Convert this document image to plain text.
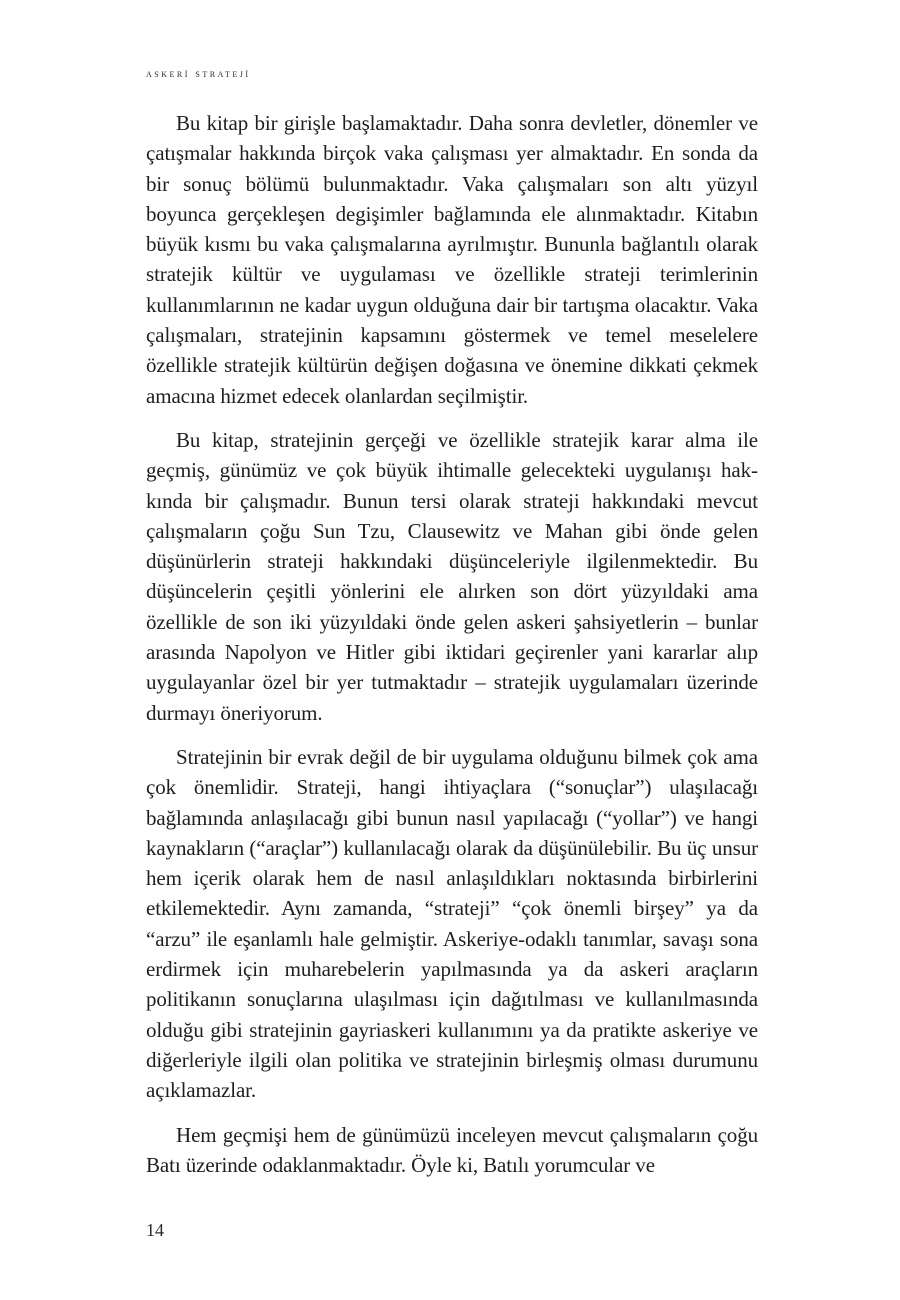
askeri̇ strateji̇

Bu kitap bir girişle başlamaktadır. Daha sonra devletler, dönemler ve çatışmalar hakkında birçok vaka çalışması yer almaktadır. En sonda da bir sonuç bölümü bulunmaktadır. Vaka çalışmaları son altı yüzyıl boyunca gerçekleşen degişimler bağlamında ele alınmaktadır. Kitabın büyük kısmı bu vaka çalışmalarına ayrılmıştır. Bununla bağlantılı olarak stratejik kültür ve uygulaması ve özellikle strateji terimlerinin kullanımlarının ne kadar uygun olduğuna dair bir tartışma olacaktır. Vaka çalışmaları, stratejinin kapsamını göstermek ve temel meselelere özellikle stratejik kültürün değişen doğasına ve önemine dikkati çekmek amacına hizmet edecek olanlardan seçilmiştir.

Bu kitap, stratejinin gerçeği ve özellikle stratejik karar alma ile geçmiş, günümüz ve çok büyük ihtimalle gelecekteki uygulanışı hakkında bir çalışmadır. Bunun tersi olarak strateji hakkındaki mevcut çalışmaların çoğu Sun Tzu, Clausewitz ve Mahan gibi önde gelen düşünürlerin strateji hakkındaki düşünceleriyle ilgilenmektedir. Bu düşüncelerin çeşitli yönlerini ele alırken son dört yüzyıldaki ama özellikle de son iki yüzyıldaki önde gelen askeri şahsiyetlerin – bunlar arasında Napolyon ve Hitler gibi iktidari geçirenler yani kararlar alıp uygulayanlar özel bir yer tutmaktadır – stratejik uygulamaları üzerinde durmayı öneriyorum.

Stratejinin bir evrak değil de bir uygulama olduğunu bilmek çok ama çok önemlidir. Strateji, hangi ihtiyaçlara (“sonuçlar”) ulaşılacağı bağlamında anlaşılacağı gibi bunun nasıl yapılacağı (“yollar”) ve hangi kaynakların (“araçlar”) kullanılacağı olarak da düşünülebilir. Bu üç unsur hem içerik olarak hem de nasıl anlaşıldıkları noktasında birbirlerini etkilemektedir. Aynı zamanda, “strateji” “çok önemli birşey” ya da “arzu” ile eşanlamlı hale gelmiştir. Askeriye-odaklı tanımlar, savaşı sona erdirmek için muharebelerin yapılmasında ya da askeri araçların politikanın sonuçlarına ulaşılması için dağıtılması ve kullanılmasında olduğu gibi stratejinin gayriaskeri kullanımını ya da pratikte askeriye ve diğerleriyle ilgili olan politika ve stratejinin birleşmiş olması durumunu açıklamazlar.

Hem geçmişi hem de günümüzü inceleyen mevcut çalışmaların çoğu Batı üzerinde odaklanmaktadır. Öyle ki, Batılı yorumcular ve

14
